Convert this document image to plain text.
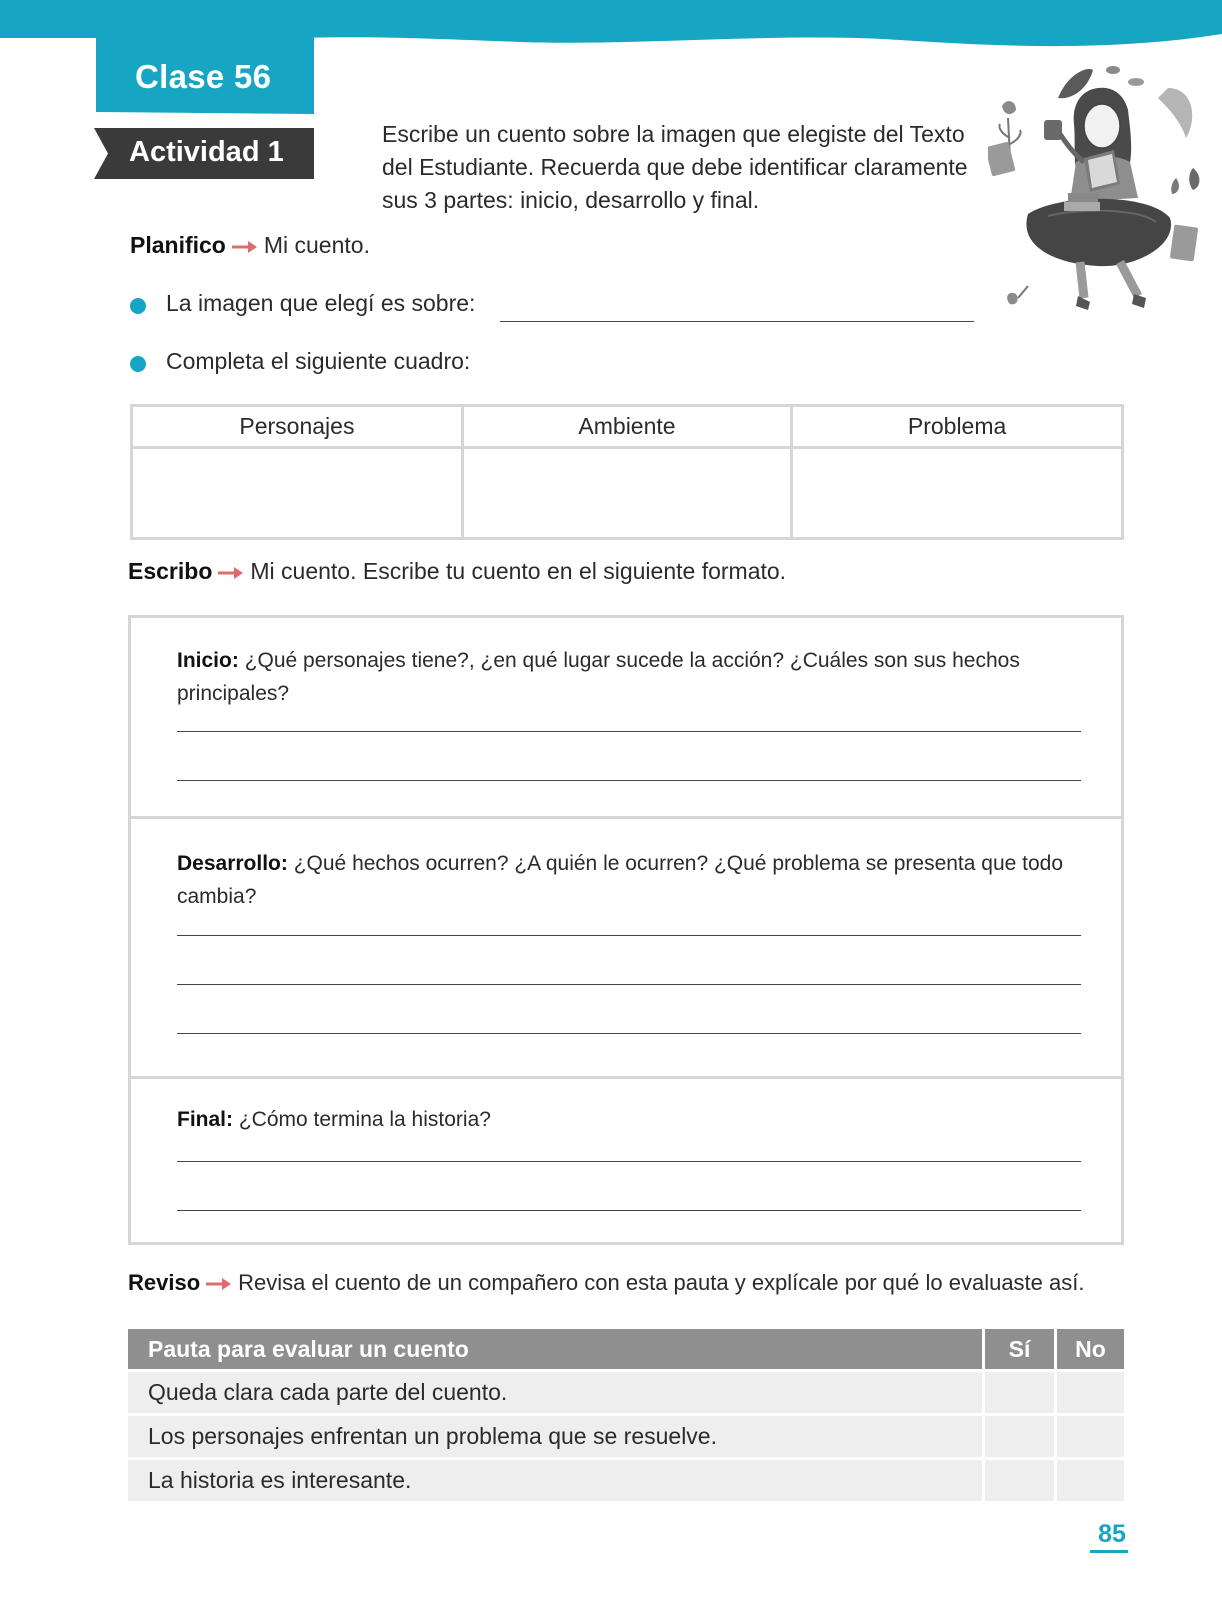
Clase 56
Actividad 1
Escribe un cuento sobre la imagen que elegiste del Texto del Estudiante. Recuerda que debe identificar claramente sus 3 partes: inicio, desarrollo y final.
Planifico Mi cuento.
La imagen que elegí es sobre:
Completa el siguiente cuadro:
Personajes	Ambiente	Problema

Escribo Mi cuento. Escribe tu cuento en el siguiente formato.
Inicio: ¿Qué personajes tiene?, ¿en qué lugar sucede la acción? ¿Cuáles son sus hechos principales?
Desarrollo: ¿Qué hechos ocurren? ¿A quién le ocurren? ¿Qué problema se presenta que todo cambia?
Final: ¿Cómo termina la historia?
Reviso Revisa el cuento de un compañero con esta pauta y explícale por qué lo evaluaste así.
Pauta para evaluar un cuento	Sí	No
Queda clara cada parte del cuento.		
Los personajes enfrentan un problema que se resuelve.		
La historia es interesante.		
85
